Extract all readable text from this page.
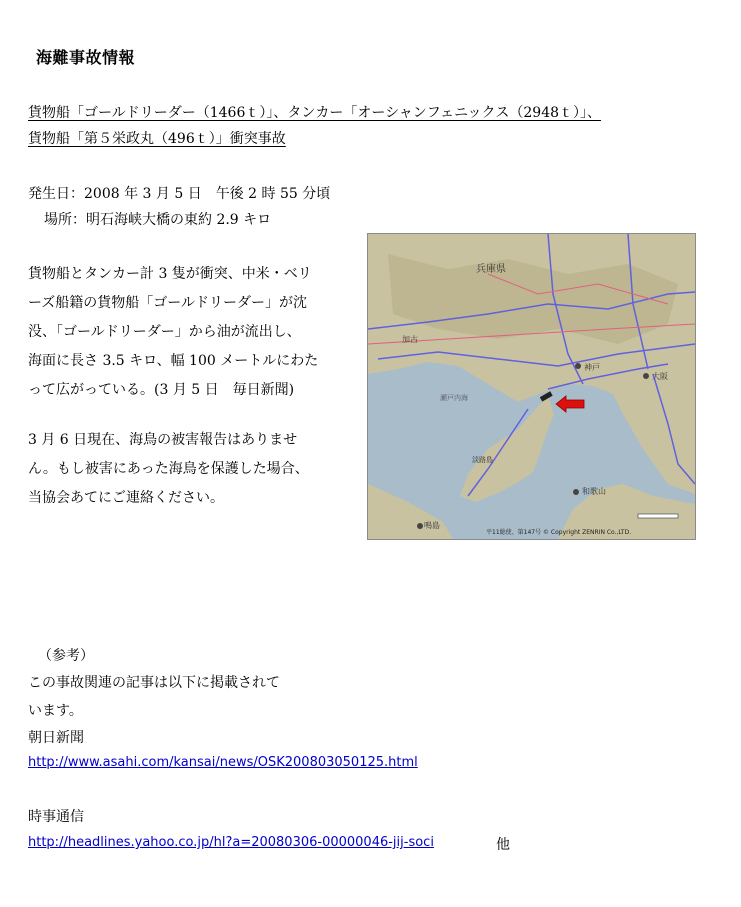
海難事故情報
貨物船「ゴールドリーダー（1466ｔ）」、タンカー「オーシャンフェニックス（2948ｔ）」、
貨物船「第５栄政丸（496ｔ）」衝突事故
発生日：2008 年 3 月 5 日　午後 2 時 55 分頃
場所：明石海峡大橋の東約 2.9 キロ
貨物船とタンカー計 3 隻が衝突、中米・ベリ
ーズ船籍の貨物船「ゴールドリーダー」が沈
没、「ゴールドリーダー」から油が流出し、
海面に長さ 3.5 キロ、幅 100 メートルにわた
って広がっている。(3 月 5 日　毎日新聞)
3 月 6 日現在、海鳥の被害報告はありませ
ん。もし被害にあった海鳥を保護した場合、
当協会あてにご連絡ください。
兵庫県
加古
神戸
大阪
瀬戸内海
淡路島
和歌山
鳴島
平11総使、第147号 © Copyright ZENRIN Co.,LTD.
（参考）
この事故関連の記事は以下に掲載されて
います。
朝日新聞
http://www.asahi.com/kansai/news/OSK200803050125.html
時事通信
http://headlines.yahoo.co.jp/hl?a=20080306-00000046-jij-soci	他
